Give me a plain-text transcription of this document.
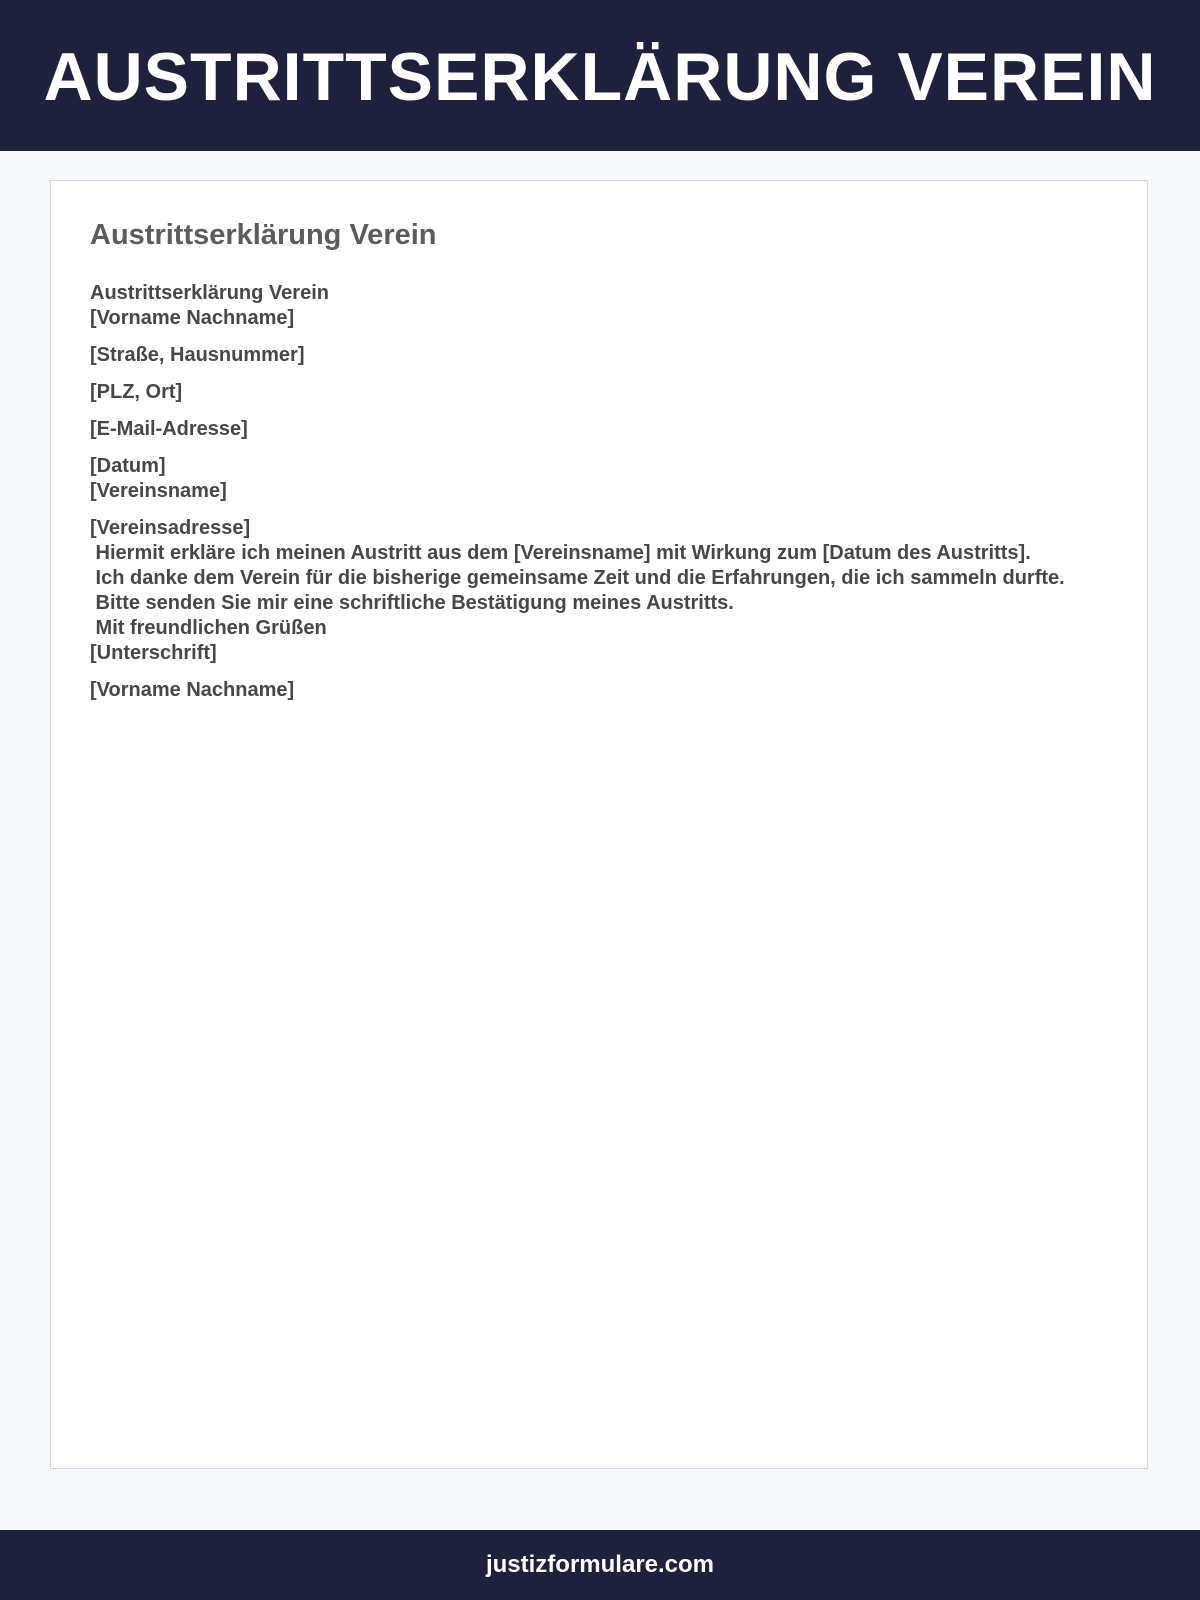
AUSTRITTSERKLÄRUNG VEREIN
Austrittserklärung Verein

Austrittserklärung Verein
[Vorname Nachname]

[Straße, Hausnummer]

[PLZ, Ort]

[E-Mail-Adresse]

[Datum]
[Vereinsname]

[Vereinsadresse]
Hiermit erkläre ich meinen Austritt aus dem [Vereinsname] mit Wirkung zum [Datum des Austritts].
Ich danke dem Verein für die bisherige gemeinsame Zeit und die Erfahrungen, die ich sammeln durfte.
Bitte senden Sie mir eine schriftliche Bestätigung meines Austritts.
Mit freundlichen Grüßen
[Unterschrift]

[Vorname Nachname]

justizformulare.com
